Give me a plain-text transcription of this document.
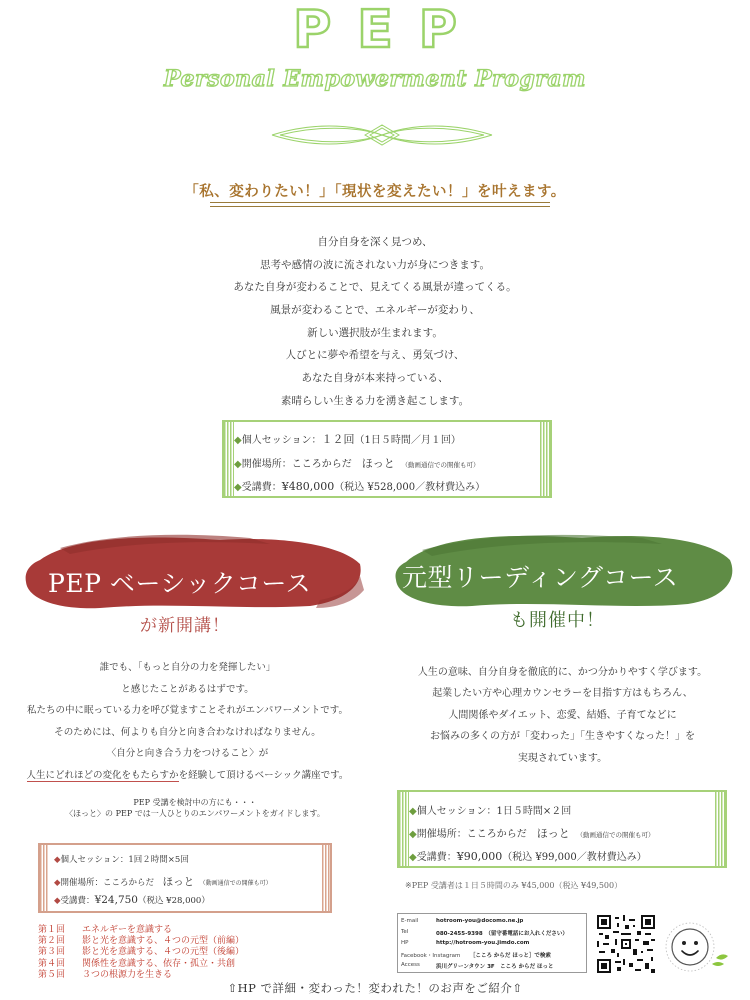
PEP
Personal Empowerment Program
「私、変わりたい！」「現状を変えたい！」を叶えます。
自分自身を深く見つめ、
思考や感情の波に流されない力が身につきます。
あなた自身が変わることで、見えてくる風景が違ってくる。
風景が変わることで、エネルギーが変わり、
新しい選択肢が生まれます。
人びとに夢や希望を与え、勇気づけ、
あなた自身が本来持っている、
素晴らしい生きる力を湧き起こします。
◆個人セッション：１２回（1日５時間／月１回）
◆開催場所：こころからだ　 ほっと　 （動画通信での開催も可）
◆受講費：¥480,000（税込 ¥528,000／教材費込み）
PEP ベーシックコース
が新開講！
元型リーディングコース
も開催中！
誰でも、「もっと自分の力を発揮したい」
と感じたことがあるはずです。
私たちの中に眠っている力を呼び覚ますことそれがエンパワーメントです。
そのためには、何よりも自分と向き合わなければなりません。
〈自分と向き合う力をつけること〉が
人生にどれほどの変化をもたらすかを経験して頂けるベーシック講座です。
PEP 受講を検討中の方にも・・・
〈ほっと〉の PEP では一人ひとりのエンパワーメントをガイドします。
◆個人セッション：1回２時間×5回
◆開催場所：こころからだ　 ほっと　 （動画通信での開催も可）
◆受講費：¥24,750（税込 ¥28,000）
第１回 エネルギーを意識する
第２回 影と光を意識する、４つの元型（前編）
第３回 影と光を意識する、４つの元型（後編）
第４回 関係性を意識する、依存・孤立・共創
第５回 ３つの根源力を生きる
人生の意味、自分自身を徹底的に、かつ分かりやすく学びます。
起業したい方や心理カウンセラーを目指す方はもちろん、
人間関係やダイエット、恋愛、結婚、子育てなどに
お悩みの多くの方が「変わった」「生きやすくなった！」を
実現されています。
◆個人セッション：1日５時間×２回
◆開催場所：こころからだ　 ほっと　 （動画通信での開催も可）
◆受講費：¥90,000（税込 ¥99,000／教材費込み）
※PEP 受講者は１日５時間のみ ¥45,000（税込 ¥49,500）
E-mail	hotroom-you@docomo.ne.jp
Tel	080-2455-9398　（留守番電話にお入れください）
HP	http://hotroom-you.jimdo.com
Facebook・Instagram ［こころ からだ ほっと］で検索
Access	浜川グリーンタウン 3F　こころ からだ ほっと
⇧HP で詳細・変わった！変われた！のお声をご紹介⇧
